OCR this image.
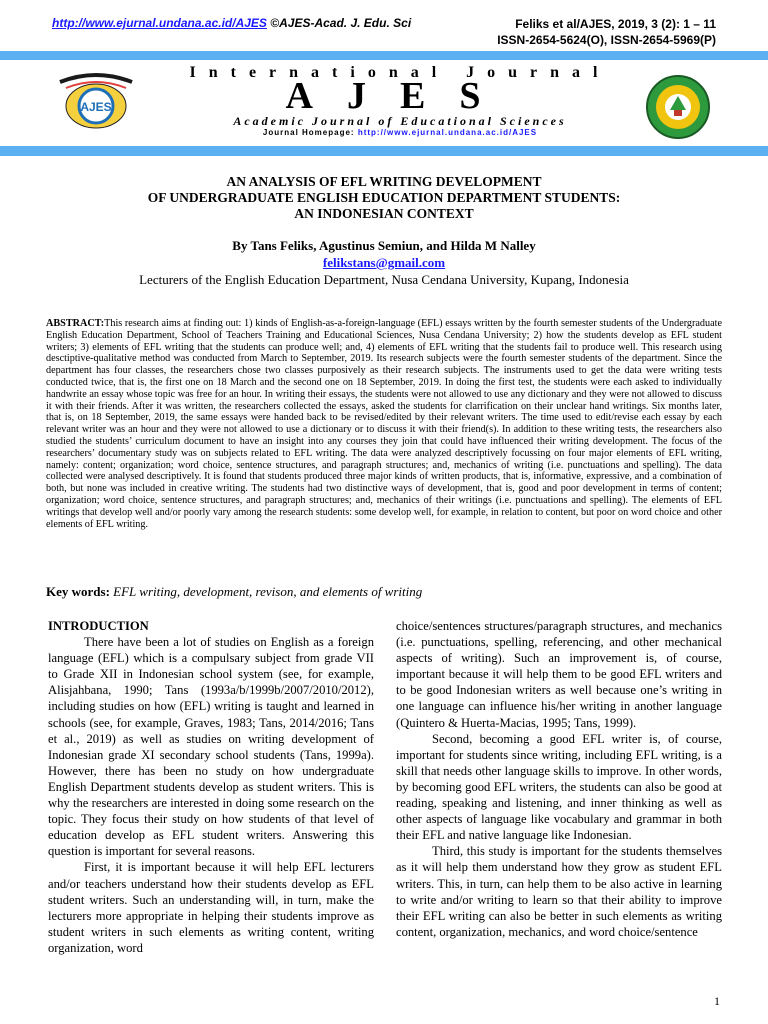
http://www.ejurnal.undana.ac.id/AJES ©AJES-Acad. J. Edu. Sci	Feliks et al/AJES, 2019, 3 (2): 1 – 11
ISSN-2654-5624(O), ISSN-2654-5969(P)
AJES
International Journal
AJES
Academic Journal of Educational Sciences
Journal Homepage: http://www.ejurnal.undana.ac.id/AJES
AN ANALYSIS OF EFL WRITING DEVELOPMENT
OF UNDERGRADUATE ENGLISH EDUCATION DEPARTMENT STUDENTS:
AN INDONESIAN CONTEXT
By Tans Feliks, Agustinus Semiun, and Hilda M Nalley
felikstans@gmail.com
Lecturers of the English Education Department, Nusa Cendana University, Kupang, Indonesia
ABSTRACT:This research aims at finding out: 1) kinds of English-as-a-foreign-language (EFL) essays written by the fourth semester students of the Undergraduate English Education Department, School of Teachers Training and Educational Sciences, Nusa Cendana University; 2) how the students develop as EFL student writers; 3) elements of EFL writing that the students can produce well; and, 4) elements of EFL writing that the students fail to produce well. This research using desctiptive-qualitative method was conducted from March to September, 2019. Its research subjects were the fourth semester students of the department. Since the department has four classes, the researchers chose two classes purposively as their research subjects. The instruments used to get the data were writing tests conducted twice, that is, the first one on 18 March and the second one on 18 September, 2019. In doing the first test, the students were each asked to individually handwrite an essay whose topic was free for an hour. In writing their essays, the students were not allowed to use any dictionary and they were not allowed to discuss it with their friends. After it was written, the researchers collected the essays, asked the students for clarrification on their unclear hand writings. Six months later, that is, on 18 September, 2019, the same essays were handed back to be revised/edited by their relevant writers. The time used to edit/revise each essay by each relevant writer was an hour and they were not allowed to use a dictionary or to discuss it with their friend(s). In addition to these writing tests, the researchers also studied the students’ curriculum document to have an insight into any courses they join that could have influenced their writing development. The focus of the researchers’ documentary study was on subjects related to EFL writing. The data were analyzed descriptively focussing on four major elements of EFL writing, namely: content; organization; word choice, sentence structures, and paragraph structures; and, mechanics of writing (i.e. punctuations and spelling). The data collected were analysed descriptively. It is found that students produced three major kinds of written products, that is, informative, expressive, and a combination of both, but none was included in creative writing. The students had two distinctive ways of development, that is, good and poor development in terms of content; organization; word choice, sentence structures, and paragraph structures; and, mechanics of their writings (i.e. punctuations and spelling). The elements of EFL writings that develop well and/or poorly vary among the research students: some develop well, for example, in relation to content, but poor on word choice and other elements of EFL writing.
Key words: EFL writing, development, revison, and elements of writing
INTRODUCTION

There have been a lot of studies on English as a foreign language (EFL) which is a compulsary subject from grade VII to Grade XII in Indonesian school system (see, for example, Alisjahbana, 1990; Tans (1993a/b/1999b/2007/2010/2012), including studies on how (EFL) writing is taught and learned in schools (see, for example, Graves, 1983; Tans, 2014/2016; Tans et al., 2019) as well as studies on writing development of Indonesian grade XI secondary school students (Tans, 1999a). However, there has been no study on how undergraduate English Department students develop as student writers. This is why the researchers are interested in doing some research on the topic. They focus their study on how students of that level of education develop as EFL student writers. Answering this question is important for several reasons.

First, it is important because it will help EFL lecturers and/or teachers understand how their students develop as EFL student writers. Such an understanding will, in turn, make the lecturers more appropriate in helping their students improve as student writers in such elements as writing content, writing organization, word

choice/sentences structures/paragraph structures, and mechanics (i.e. punctuations, spelling, referencing, and other mechanical aspects of writing). Such an improvement is, of course, important because it will help them to be good EFL writers and to be good Indonesian writers as well because one’s writing in one language can influence his/her writing in another language (Quintero & Huerta-Macias, 1995; Tans, 1999).

Second, becoming a good EFL writer is, of course, important for students since writing, including EFL writing, is a skill that needs other language skills to improve. In other words, by becoming good EFL writers, the students can also be good at reading, speaking and listening, and inner thinking as well as other aspects of language like vocabulary and grammar in both their EFL and native language like Indonesian.

Third, this study is important for the students themselves as it will help them understand how they grow as student EFL writers. This, in turn, can help them to be also active in learning to write and/or writing to learn so that their ability to improve their EFL writing can also be better in such elements as writing content, organization, mechanics, and word choice/sentence

1
